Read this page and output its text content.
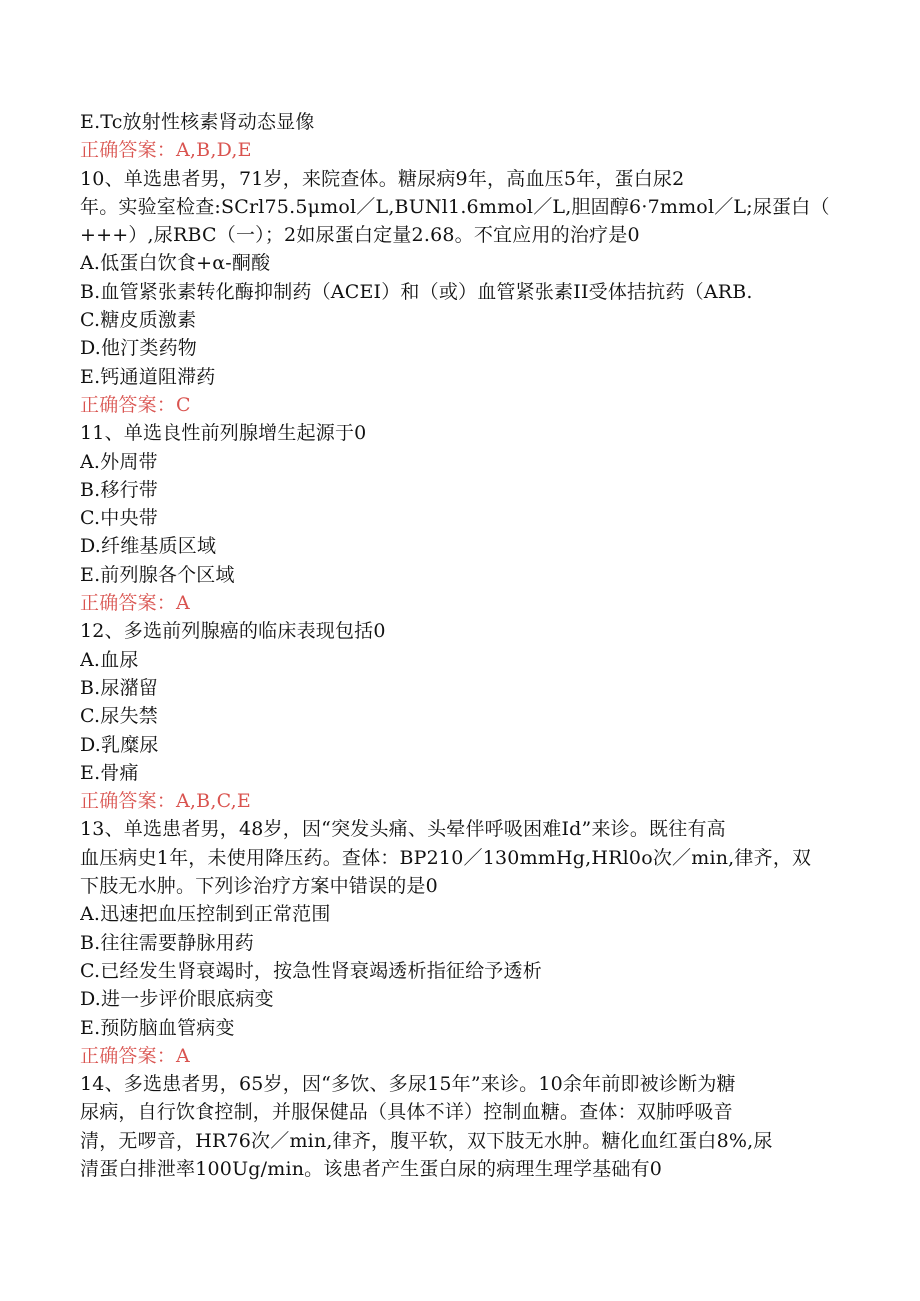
E.Tc放射性核素肾动态显像
正确答案：A,B,D,E
10、单选患者男，71岁，来院查体。糖尿病9年，高血压5年，蛋白尿2
年。实验室检查:SCrl75.5μmol／L,BUNl1.6mmol／L,胆固醇6·7mmol／L;尿蛋白（
+++）,尿RBC（一）；2如尿蛋白定量2.68。不宜应用的治疗是0
A.低蛋白饮食+α-酮酸
B.血管紧张素转化酶抑制药（ACEI）和（或）血管紧张素II受体拮抗药（ARB.
C.糖皮质激素
D.他汀类药物
E.钙通道阻滞药
正确答案：C
11、单选良性前列腺增生起源于0
A.外周带
B.移行带
C.中央带
D.纤维基质区域
E.前列腺各个区域
正确答案：A
12、多选前列腺癌的临床表现包括0
A.血尿
B.尿潴留
C.尿失禁
D.乳糜尿
E.骨痛
正确答案：A,B,C,E
13、单选患者男，48岁，因“突发头痛、头晕伴呼吸困难Id”来诊。既往有高
血压病史1年，未使用降压药。查体：BP210／130mmHg,HRl0o次／min,律齐，双
下肢无水肿。下列诊治疗方案中错误的是0
A.迅速把血压控制到正常范围
B.往往需要静脉用药
C.已经发生肾衰竭时，按急性肾衰竭透析指征给予透析
D.进一步评价眼底病变
E.预防脑血管病变
正确答案：A
14、多选患者男，65岁，因“多饮、多尿15年”来诊。10余年前即被诊断为糖
尿病，自行饮食控制，并服保健品（具体不详）控制血糖。查体：双肺呼吸音
清，无啰音，HR76次／min,律齐，腹平软，双下肢无水肿。糖化血红蛋白8%,尿
清蛋白排泄率100Ug/min。该患者产生蛋白尿的病理生理学基础有0
